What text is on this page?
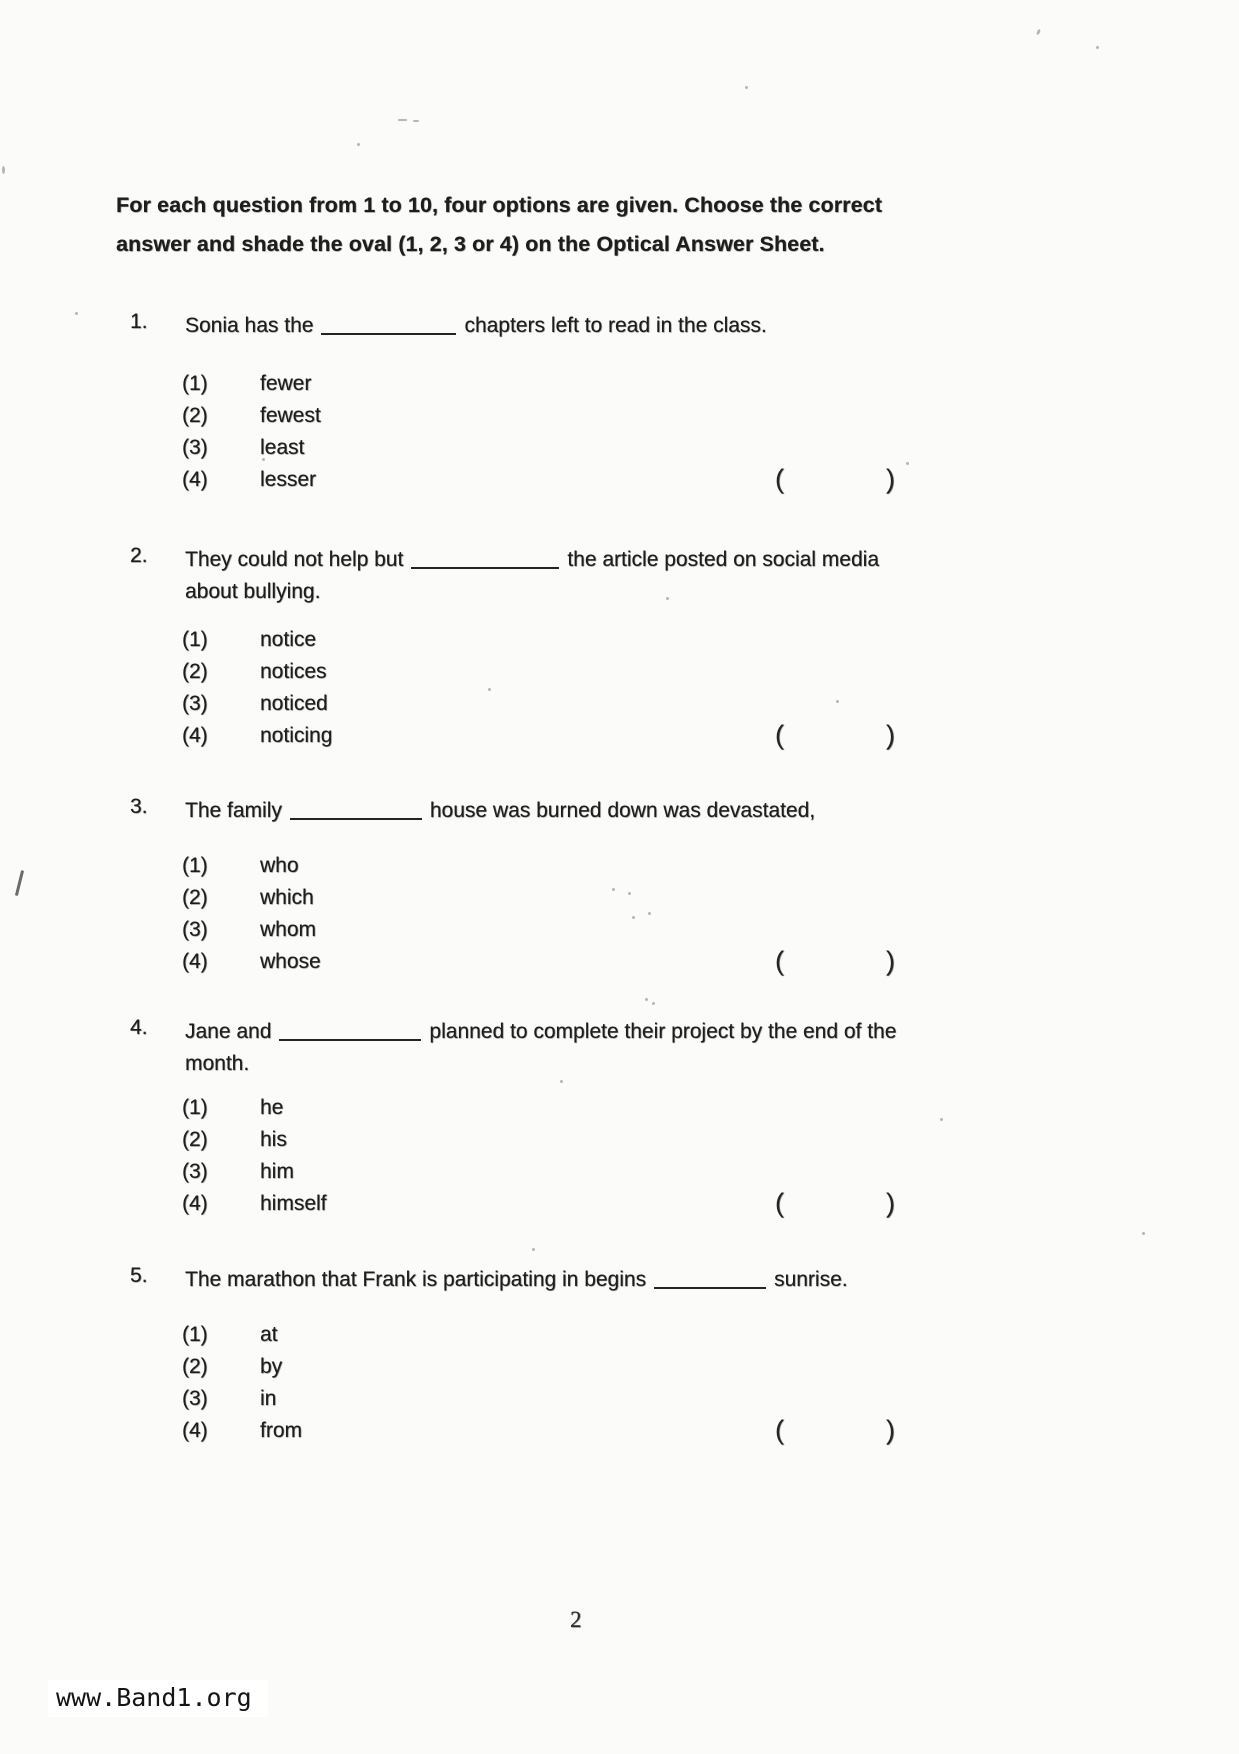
For each question from 1 to 10, four options are given. Choose the correct
answer and shade the oval (1, 2, 3 or 4) on the Optical Answer Sheet.
1. Sonia has the	chapters left to read in the class.
(1) fewer
(2) fewest
(3) least
(4) lesser	(	)
2. They could not help but	the article posted on social media
about bullying.
(1) notice
(2) notices
(3) noticed
(4) noticing	(	)
3. The family	house was burned down was devastated,
(1) who
(2) which
(3) whom
(4) whose	(	)
4. Jane and	planned to complete their project by the end of the
month.
(1) he
(2) his
(3) him
(4) himself	(	)
5. The marathon that Frank is participating in begins	sunrise.
(1) at
(2) by
(3) in
(4) from	(	)
2
www.Band1.org
